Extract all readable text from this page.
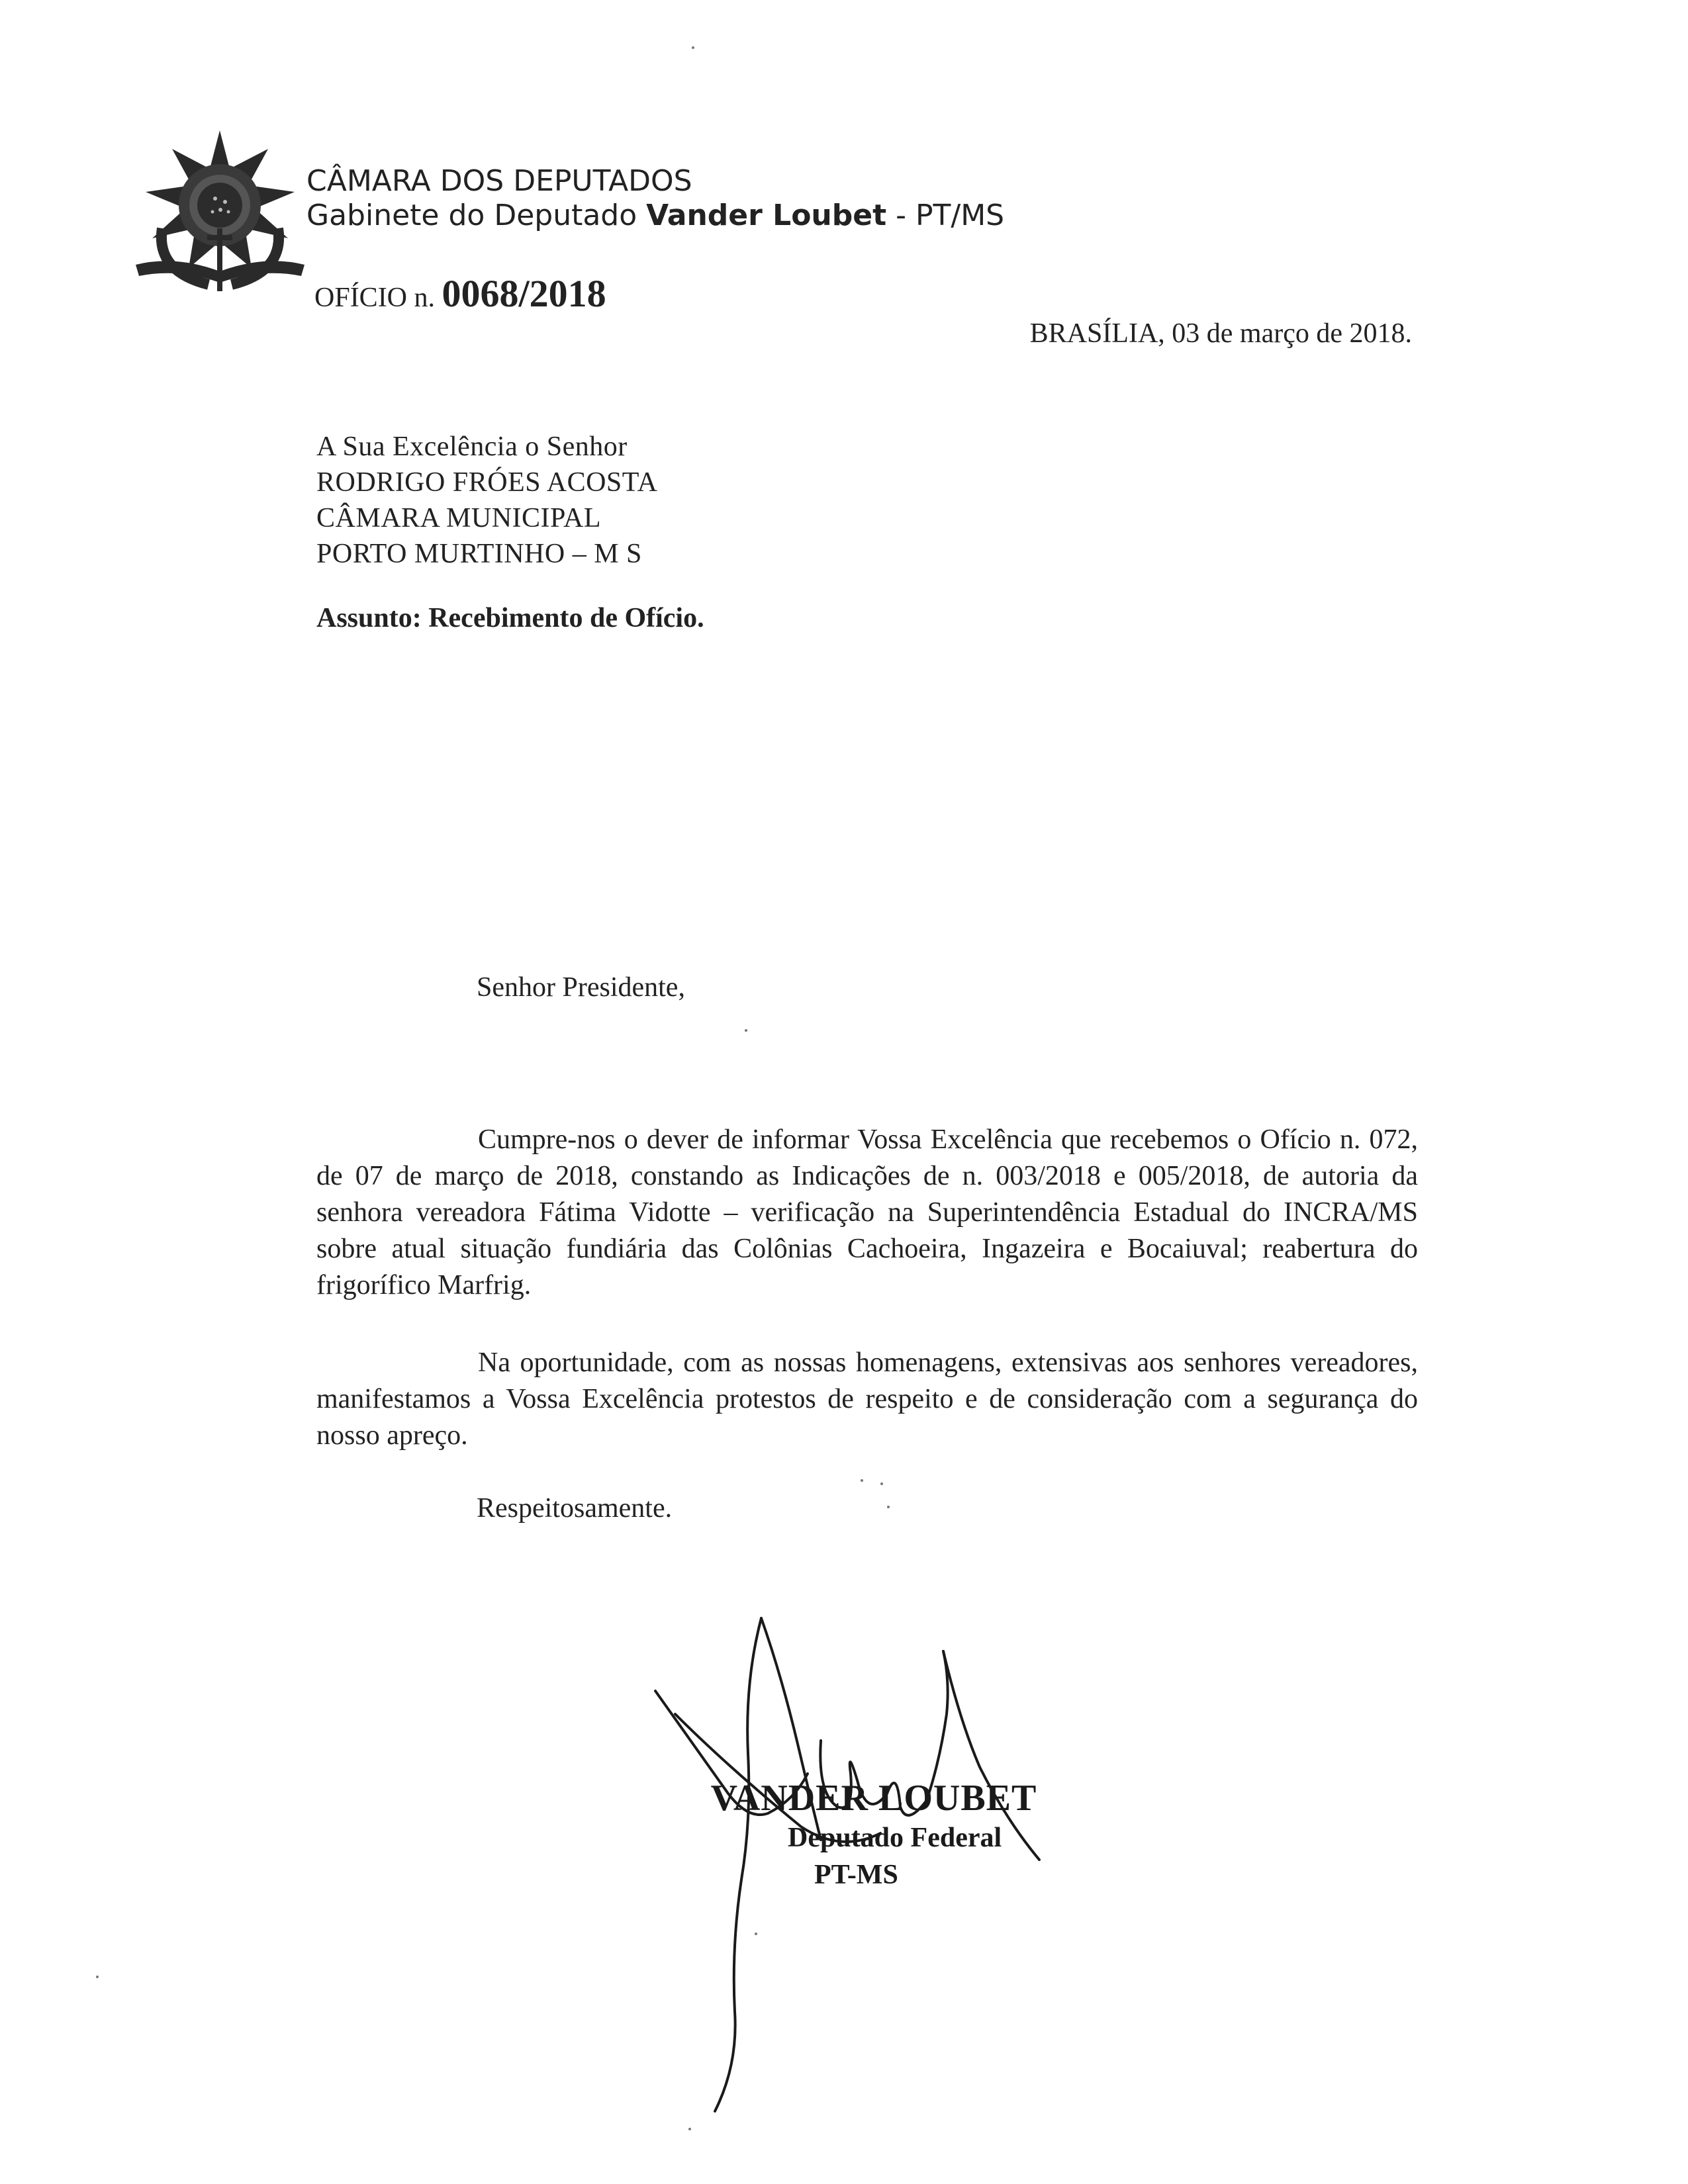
CÂMARA DOS DEPUTADOS
Gabinete do Deputado Vander Loubet - PT/MS
OFÍCIO n. 0068/2018
BRASÍLIA, 03 de março de 2018.
A Sua Excelência o Senhor
RODRIGO FRÓES ACOSTA
CÂMARA MUNICIPAL
PORTO MURTINHO – M S
Assunto: Recebimento de Ofício.
Senhor Presidente,
Cumpre-nos o dever de informar Vossa Excelência que recebemos o Ofício n. 072, de 07 de março de 2018, constando as Indicações de n. 003/2018 e 005/2018, de autoria da senhora vereadora Fátima Vidotte – verificação na Superintendência Estadual do INCRA/MS sobre atual situação fundiária das Colônias Cachoeira, Ingazeira e Bocaiuval; reabertura do frigorífico Marfrig.
Na oportunidade, com as nossas homenagens, extensivas aos senhores vereadores, manifestamos a Vossa Excelência protestos de respeito e de consideração com a segurança do nosso apreço.
Respeitosamente.
VANDER LOUBET
Deputado Federal
PT-MS
